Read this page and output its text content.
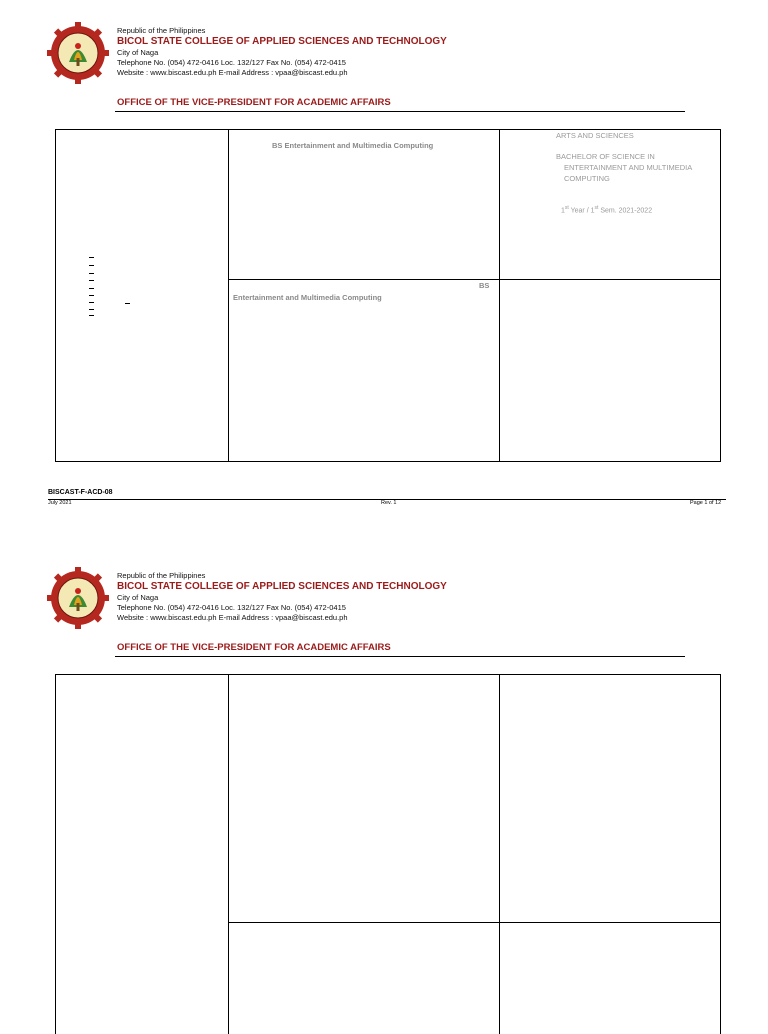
Republic of the Philippines
BICOL STATE COLLEGE OF APPLIED SCIENCES AND TECHNOLOGY
City of Naga
Telephone No. (054) 472-0416 Loc. 132/127 Fax No. (054) 472-0415
Website : www.biscast.edu.ph E-mail Address : vpaa@biscast.edu.ph
OFFICE OF THE VICE-PRESIDENT FOR ACADEMIC AFFAIRS
BS Entertainment and Multimedia Computing
ARTS AND SCIENCES
BACHELOR OF SCIENCE IN
ENTERTAINMENT AND MULTIMEDIA
COMPUTING
1st Year / 1st Sem. 2021-2022
BS
Entertainment and Multimedia Computing
BISCAST-F-ACD-08
July 2021	Rev. 1	Page 1 of 12
Republic of the Philippines
BICOL STATE COLLEGE OF APPLIED SCIENCES AND TECHNOLOGY
City of Naga
Telephone No. (054) 472-0416 Loc. 132/127 Fax No. (054) 472-0415
Website : www.biscast.edu.ph E-mail Address : vpaa@biscast.edu.ph
OFFICE OF THE VICE-PRESIDENT FOR ACADEMIC AFFAIRS
